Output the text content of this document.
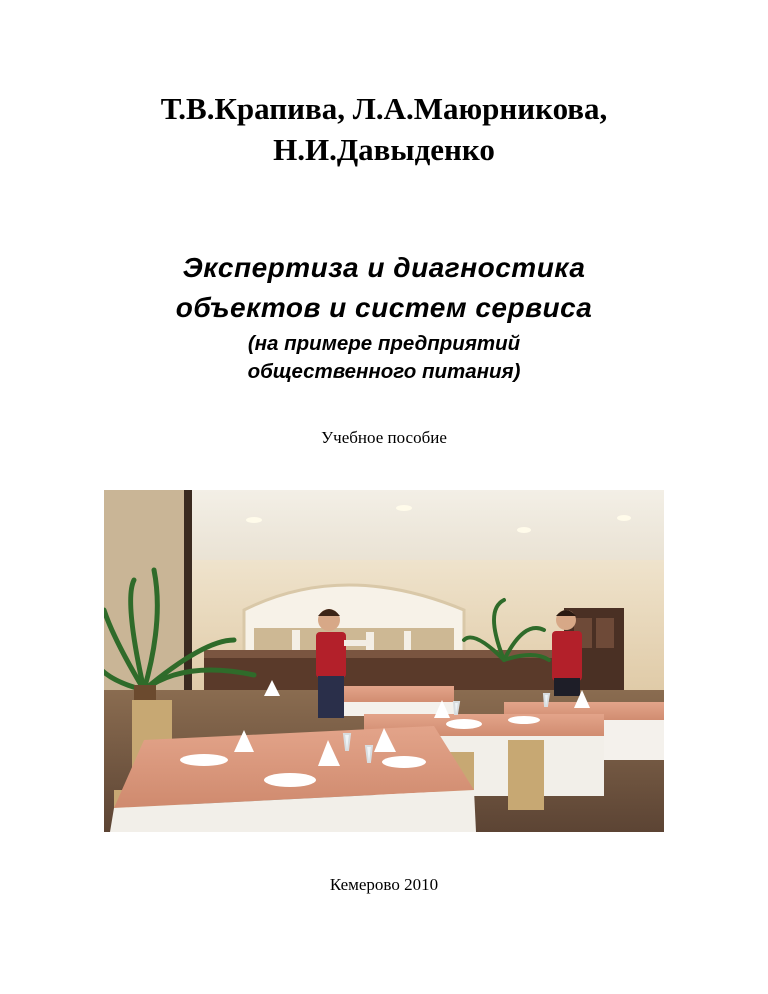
Т.В.Крапива, Л.А.Маюрникова,
Н.И.Давыденко
Экспертиза и диагностика
объектов и систем сервиса
(на примере предприятий
общественного питания)
Учебное пособие
Кемерово 2010
